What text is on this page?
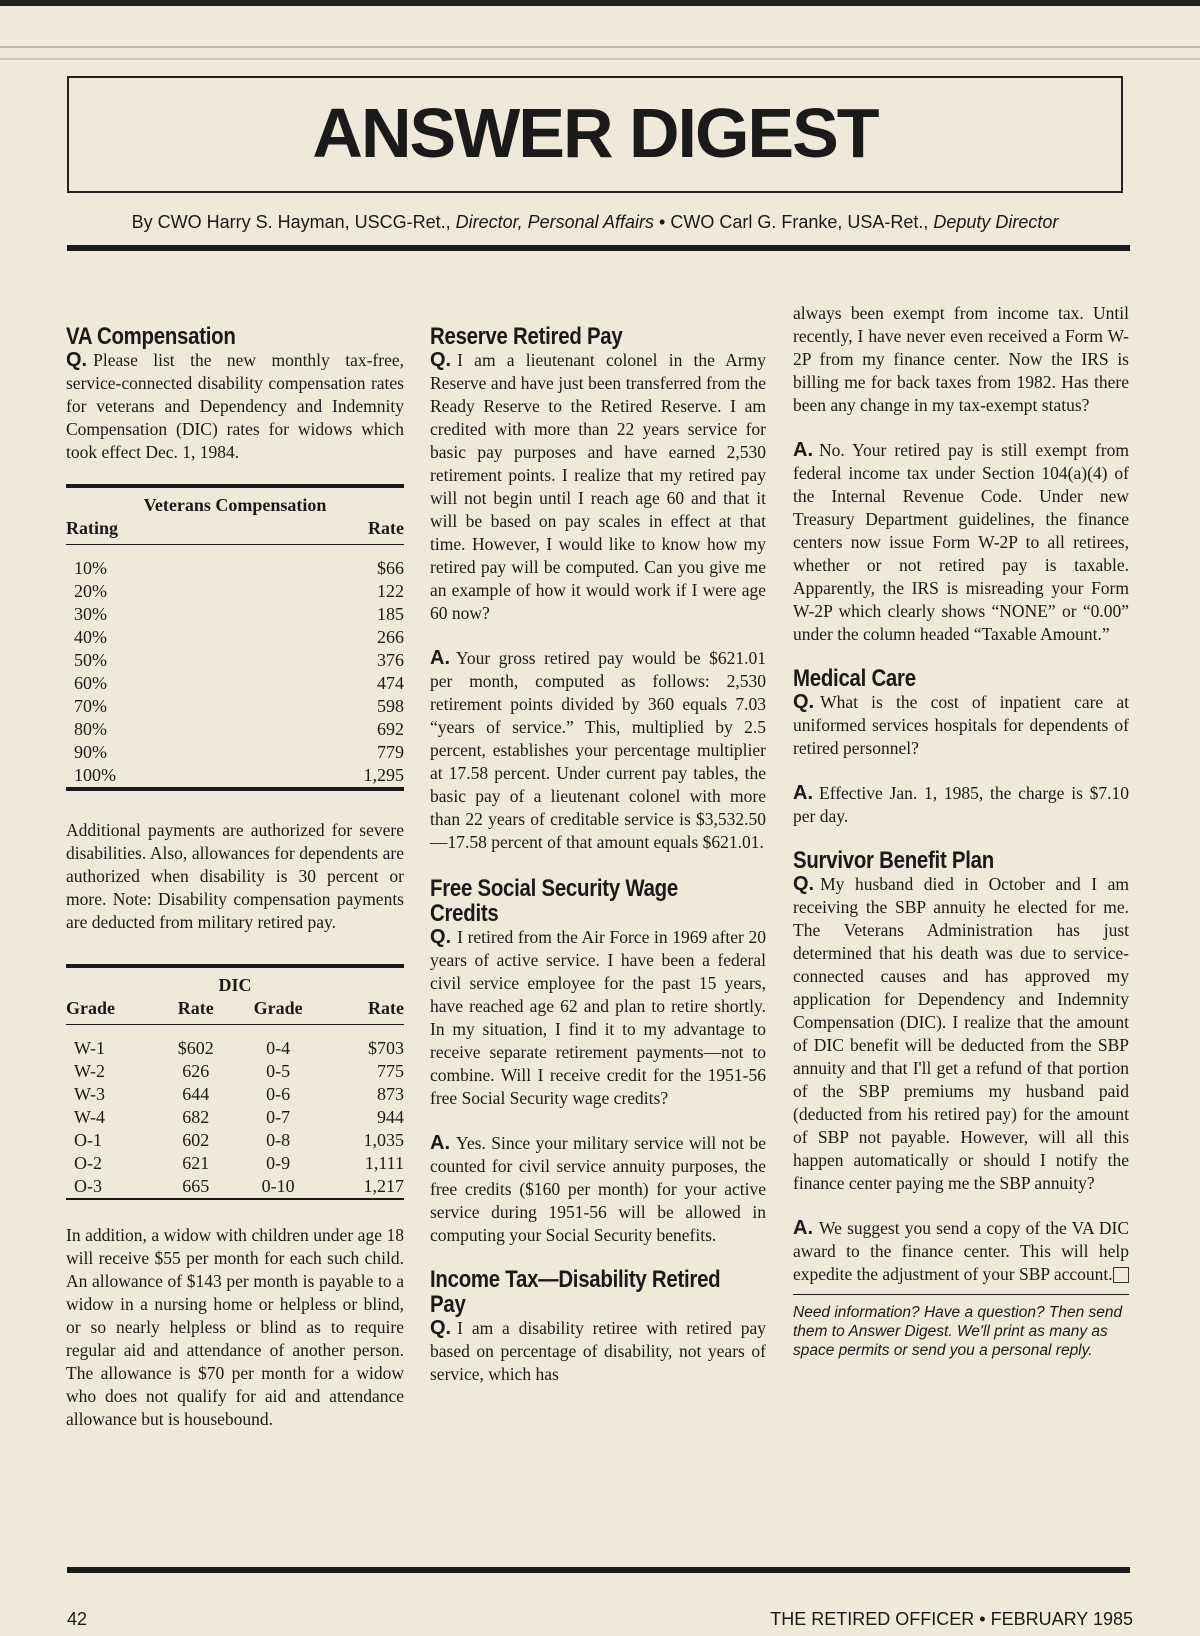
ANSWER DIGEST
By CWO Harry S. Hayman, USCG-Ret., Director, Personal Affairs • CWO Carl G. Franke, USA-Ret., Deputy Director
VA Compensation

Q. Please list the new monthly tax-free, service-connected disability compensation rates for veterans and Dependency and Indemnity Compensation (DIC) rates for widows which took effect Dec. 1, 1984.

Veterans Compensation	
Rating	Rate

10%	$66
20%	122
30%	185
40%	266
50%	376
60%	474
70%	598
80%	692
90%	779
100%	1,295

Additional payments are authorized for severe disabilities. Also, allowances for dependents are authorized when disability is 30 percent or more. Note: Disability compensation payments are deducted from military retired pay.

DIC			
Grade	Rate	Grade	Rate

W-1	$602	0-4	$703
W-2	626	0-5	775
W-3	644	0-6	873
W-4	682	0-7	944
O-1	602	0-8	1,035
O-2	621	0-9	1,111
O-3	665	0-10	1,217

In addition, a widow with children under age 18 will receive $55 per month for each such child. An allowance of $143 per month is payable to a widow in a nursing home or helpless or blind, or so nearly helpless or blind as to require regular aid and attendance of another person. The allowance is $70 per month for a widow who does not qualify for aid and attendance allowance but is housebound.

Reserve Retired Pay

Q. I am a lieutenant colonel in the Army Reserve and have just been transferred from the Ready Reserve to the Retired Reserve. I am credited with more than 22 years service for basic pay purposes and have earned 2,530 retirement points. I realize that my retired pay will not begin until I reach age 60 and that it will be based on pay scales in effect at that time. However, I would like to know how my retired pay will be computed. Can you give me an example of how it would work if I were age 60 now?

A. Your gross retired pay would be $621.01 per month, computed as follows: 2,530 retirement points divided by 360 equals 7.03 “years of service.” This, multiplied by 2.5 percent, establishes your percentage multiplier at 17.58 percent. Under current pay tables, the basic pay of a lieutenant colonel with more than 22 years of creditable service is $3,532.50—17.58 percent of that amount equals $621.01.

Free Social Security Wage
Credits

Q. I retired from the Air Force in 1969 after 20 years of active service. I have been a federal civil service employee for the past 15 years, have reached age 62 and plan to retire shortly. In my situation, I find it to my advantage to receive separate retirement payments—not to combine. Will I receive credit for the 1951-56 free Social Security wage credits?

A. Yes. Since your military service will not be counted for civil service annuity purposes, the free credits ($160 per month) for your active service during 1951-56 will be allowed in computing your Social Security benefits.

Income Tax—Disability Retired
Pay

Q. I am a disability retiree with retired pay based on percentage of disability, not years of service, which has

always been exempt from income tax. Until recently, I have never even received a Form W-2P from my finance center. Now the IRS is billing me for back taxes from 1982. Has there been any change in my tax-exempt status?

A. No. Your retired pay is still exempt from federal income tax under Section 104(a)(4) of the Internal Revenue Code. Under new Treasury Department guidelines, the finance centers now issue Form W-2P to all retirees, whether or not retired pay is taxable. Apparently, the IRS is misreading your Form W-2P which clearly shows “NONE” or “0.00” under the column headed “Taxable Amount.”

Medical Care

Q. What is the cost of inpatient care at uniformed services hospitals for dependents of retired personnel?

A. Effective Jan. 1, 1985, the charge is $7.10 per day.

Survivor Benefit Plan

Q. My husband died in October and I am receiving the SBP annuity he elected for me. The Veterans Administration has just determined that his death was due to service-connected causes and has approved my application for Dependency and Indemnity Compensation (DIC). I realize that the amount of DIC benefit will be deducted from the SBP annuity and that I'll get a refund of that portion of the SBP premiums my husband paid (deducted from his retired pay) for the amount of SBP not payable. However, will all this happen automatically or should I notify the finance center paying me the SBP annuity?

A. We suggest you send a copy of the VA DIC award to the finance center. This will help expedite the adjustment of your SBP account.

Need information? Have a question? Then send them to Answer Digest. We'll print as many as space permits or send you a personal reply.
42	THE RETIRED OFFICER • FEBRUARY 1985
